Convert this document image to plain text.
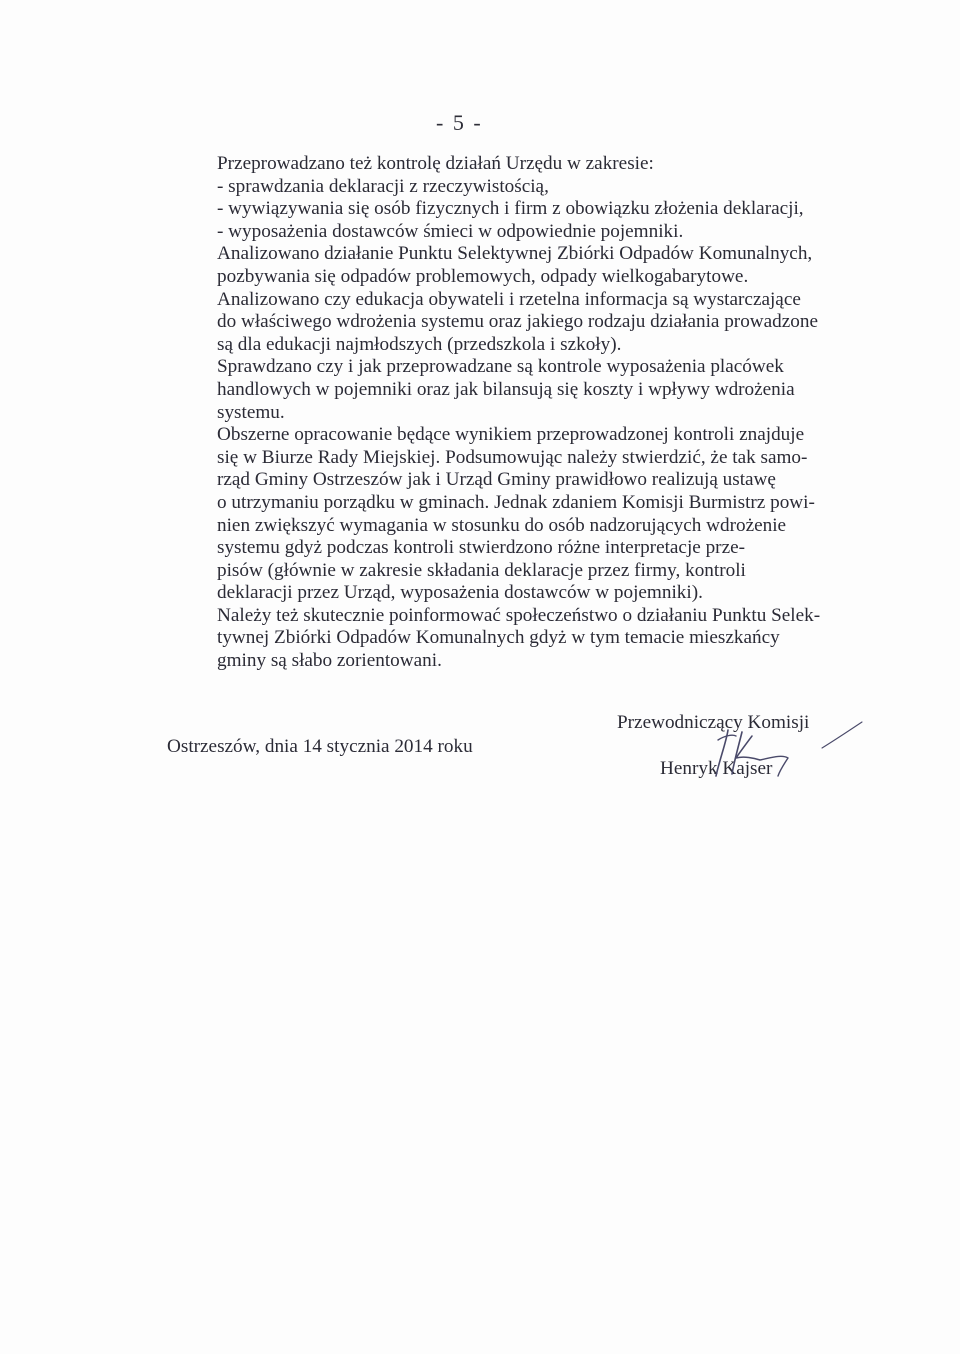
- 5 -
Przeprowadzano też kontrolę działań Urzędu w zakresie:
- sprawdzania deklaracji z rzeczywistością,
- wywiązywania się osób fizycznych i firm z obowiązku złożenia deklaracji,
- wyposażenia dostawców śmieci w odpowiednie pojemniki.
Analizowano działanie Punktu Selektywnej Zbiórki Odpadów Komunalnych,
pozbywania się odpadów problemowych, odpady wielkogabarytowe.
Analizowano czy edukacja obywateli i rzetelna informacja są wystarczające
do właściwego wdrożenia systemu oraz jakiego rodzaju działania prowadzone
są dla edukacji najmłodszych (przedszkola i szkoły).
Sprawdzano czy i jak przeprowadzane są kontrole wyposażenia placówek
handlowych w pojemniki oraz jak bilansują się koszty i wpływy wdrożenia
systemu.
Obszerne opracowanie będące wynikiem przeprowadzonej kontroli znajduje
się w Biurze Rady Miejskiej. Podsumowując należy stwierdzić, że tak samo-
rząd Gminy Ostrzeszów jak i Urząd Gminy prawidłowo realizują ustawę
o utrzymaniu porządku w gminach. Jednak zdaniem Komisji Burmistrz powi-
nien zwiększyć wymagania w stosunku do osób nadzorujących wdrożenie
systemu gdyż podczas kontroli stwierdzono różne interpretacje prze-
pisów (głównie w zakresie składania deklaracje przez firmy, kontroli
deklaracji przez Urząd, wyposażenia dostawców w pojemniki).
Należy też skutecznie poinformować społeczeństwo o działaniu Punktu Selek-
tywnej Zbiórki Odpadów Komunalnych gdyż w tym temacie mieszkańcy
gminy są słabo zorientowani.
Ostrzeszów, dnia 14 stycznia 2014 roku
Przewodniczący Komisji
Henryk Kajser
